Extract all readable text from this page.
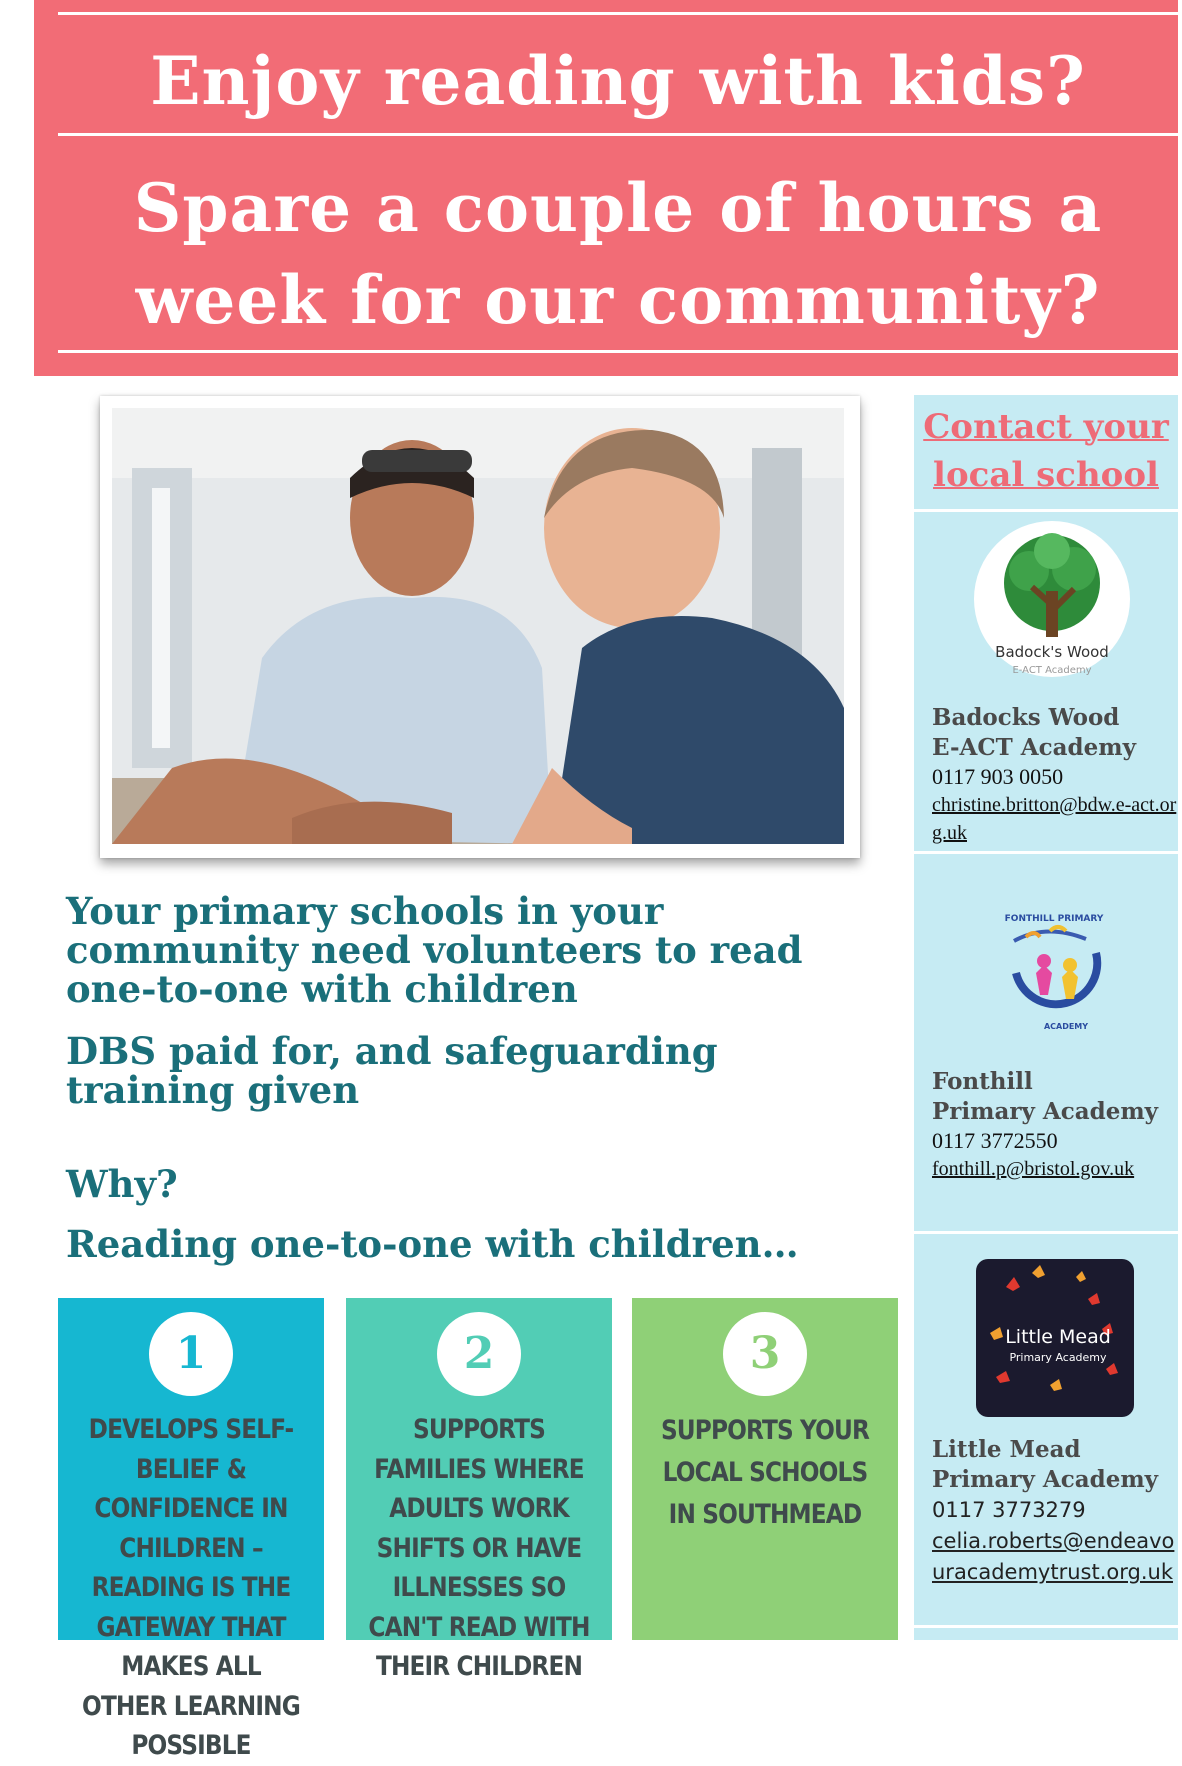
Enjoy reading with kids?
Spare a couple of hours a
week for our community?
Your primary schools in your community need volunteers to read one-to-one with children
DBS paid for, and safeguarding training given
Why?
Reading one-to-one with children…
1
DEVELOPS SELF-BELIEF & CONFIDENCE IN CHILDREN – READING IS THE GATEWAY THAT MAKES ALL OTHER LEARNING POSSIBLE
2
SUPPORTS FAMILIES WHERE ADULTS WORK SHIFTS OR HAVE ILLNESSES SO CAN'T READ WITH THEIR CHILDREN
3
SUPPORTS YOUR LOCAL SCHOOLS IN SOUTHMEAD
Contact your
local school
Badock's Wood
E-ACT Academy
Badocks Wood
E-ACT Academy
0117 903 0050
christine.britton@bdw.e-act.org.uk
FONTHILL PRIMARY
ACADEMY
Fonthill
Primary Academy
0117 3772550
fonthill.p@bristol.gov.uk
Little Mead
Primary Academy
Little Mead
Primary Academy
0117 3773279
celia.roberts@endeavouracademytrust.org.uk
